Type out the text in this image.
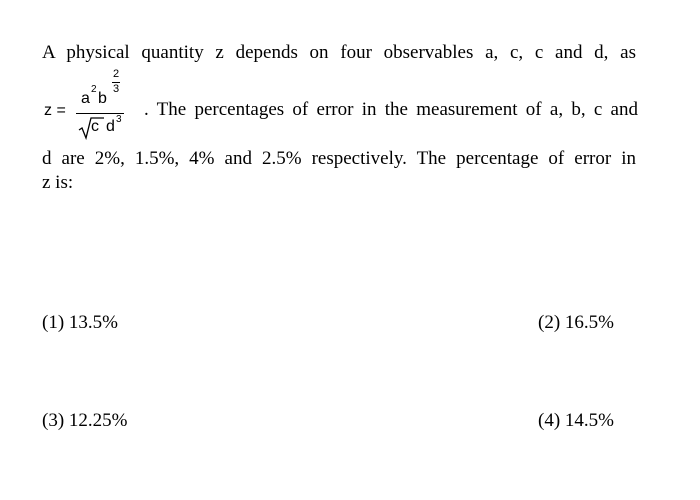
A physical quantity z depends on four observables a, c, c and d, as
z =
a
2
b
2
3
c d 3 . The percentages of error in the measurement of a, b, c and
d are 2%, 1.5%, 4% and 2.5% respectively. The percentage of error in
z is:
(1) 13.5%	(2) 16.5%
(3) 12.25%	(4) 14.5%
